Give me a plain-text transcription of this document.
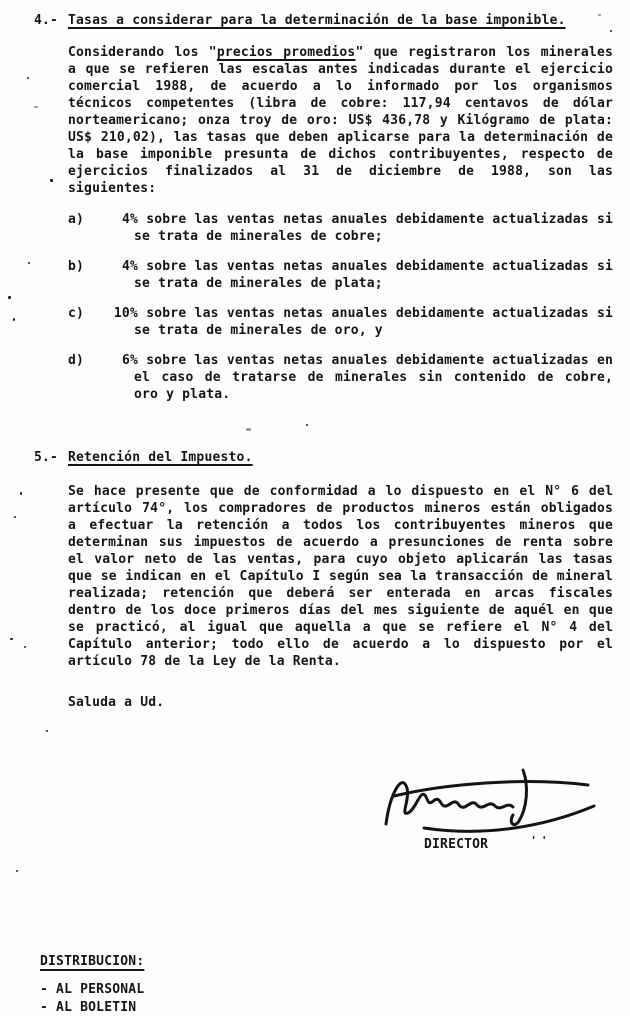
4.- Tasas a considerar para la determinación de la base imponible.
Considerando los "precios promedios" que registraron los minerales a que se refieren las escalas antes indicadas durante el ejercicio comercial 1988, de acuerdo a lo informado por los organismos técnicos competentes (libra de cobre: 117,94 centavos de dólar norteamericano; onza troy de oro: US$ 436,78 y Kilógramo de plata: US$ 210,02), las tasas que deben aplicarse para la determinación de la base imponible presunta de dichos contribuyentes, respecto de ejercicios finalizados al 31 de diciembre de 1988, son las siguientes:
a)	4% sobre las ventas netas anuales debidamente actualizadas si se trata de minerales de cobre;
b)	4% sobre las ventas netas anuales debidamente actualizadas si se trata de minerales de plata;
c)	10% sobre las ventas netas anuales debidamente actualizadas si se trata de minerales de oro, y
d)	6% sobre las ventas netas anuales debidamente actualizadas en el caso de tratarse de minerales sin contenido de cobre, oro y plata.
5.- Retención del Impuesto.
Se hace presente que de conformidad a lo dispuesto en el N° 6 del artículo 74°, los compradores de productos mineros están obligados a efectuar la retención a todos los contribuyentes mineros que determinan sus impuestos de acuerdo a presunciones de renta sobre el valor neto de las ventas, para cuyo objeto aplicarán las tasas que se indican en el Capítulo I según sea la transacción de mineral realizada; retención que deberá ser enterada en arcas fiscales dentro de los doce primeros días del mes siguiente de aquél en que se practicó, al igual que aquella a que se refiere el N° 4 del Capítulo anterior; todo ello de acuerdo a lo dispuesto por el artículo 78 de la Ley de la Renta.
Saluda a Ud.
DIRECTOR	''
DISTRIBUCION:
- AL PERSONAL
- AL BOLETIN
